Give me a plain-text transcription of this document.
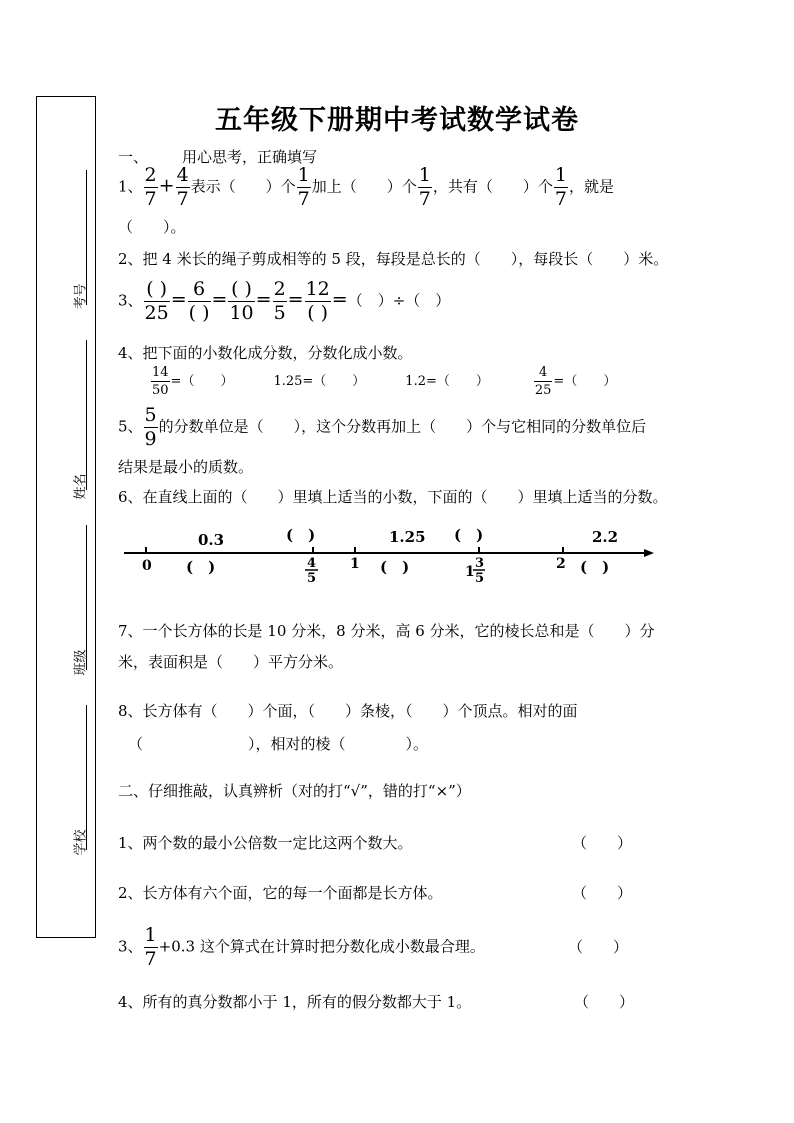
考号
姓名
班级
学校
五年级下册期中考试数学试卷
一、 用心思考，正确填写
1、 $\frac{2}{7} + \frac{4}{7}$ 表示（　　）个 $\frac{1}{7}$ 加上（　　）个 $\frac{1}{7}$ ，共有（　　）个 $\frac{1}{7}$ ，就是
（　　）。
2、把 4 米长的绳子剪成相等的 5 段，每段是总长的（　　），每段长（　　）米。
3、 $\frac{( )}{25} = \frac{6}{( )} = \frac{( )}{10} = \frac{2}{5} = \frac{12}{( )}$ =（　）÷（　）
4、把下面的小数化成分数，分数化成小数。
$\frac{14}{50}$ =（　　）	1.25=（　　）	1.2=（　　）	$\frac{4}{25}$ =（　　）
5、 $\frac{5}{9}$ 的分数单位是（　　），这个分数再加上（　　）个与它相同的分数单位后
结果是最小的质数。
6、在直线上面的（　　）里填上适当的小数，下面的（　　）里填上适当的分数。
0.3	(　)	1.25 (　)	2.2
0 (　)	4
5
1 (　)	1
3
5
2 (　)
7、一个长方体的长是 10 分米，8 分米，高 6 分米，它的棱长总和是（　　）分
米，表面积是（　　）平方分米。
8、长方体有（　　）个面，（　　）条棱，（　　）个顶点。相对的面
（　　　　　　　），相对的棱（　　　　）。
二、仔细推敲，认真辨析（对的打“√”，错的打“×”）
1、两个数的最小公倍数一定比这两个数大。	（　　）
2、长方体有六个面，它的每一个面都是长方体。	（　　）
3、 $\frac{1}{7} +0.3$ 这个算式在计算时把分数化成小数最合理。	（　　）
4、所有的真分数都小于 1，所有的假分数都大于 1。	（　　）
